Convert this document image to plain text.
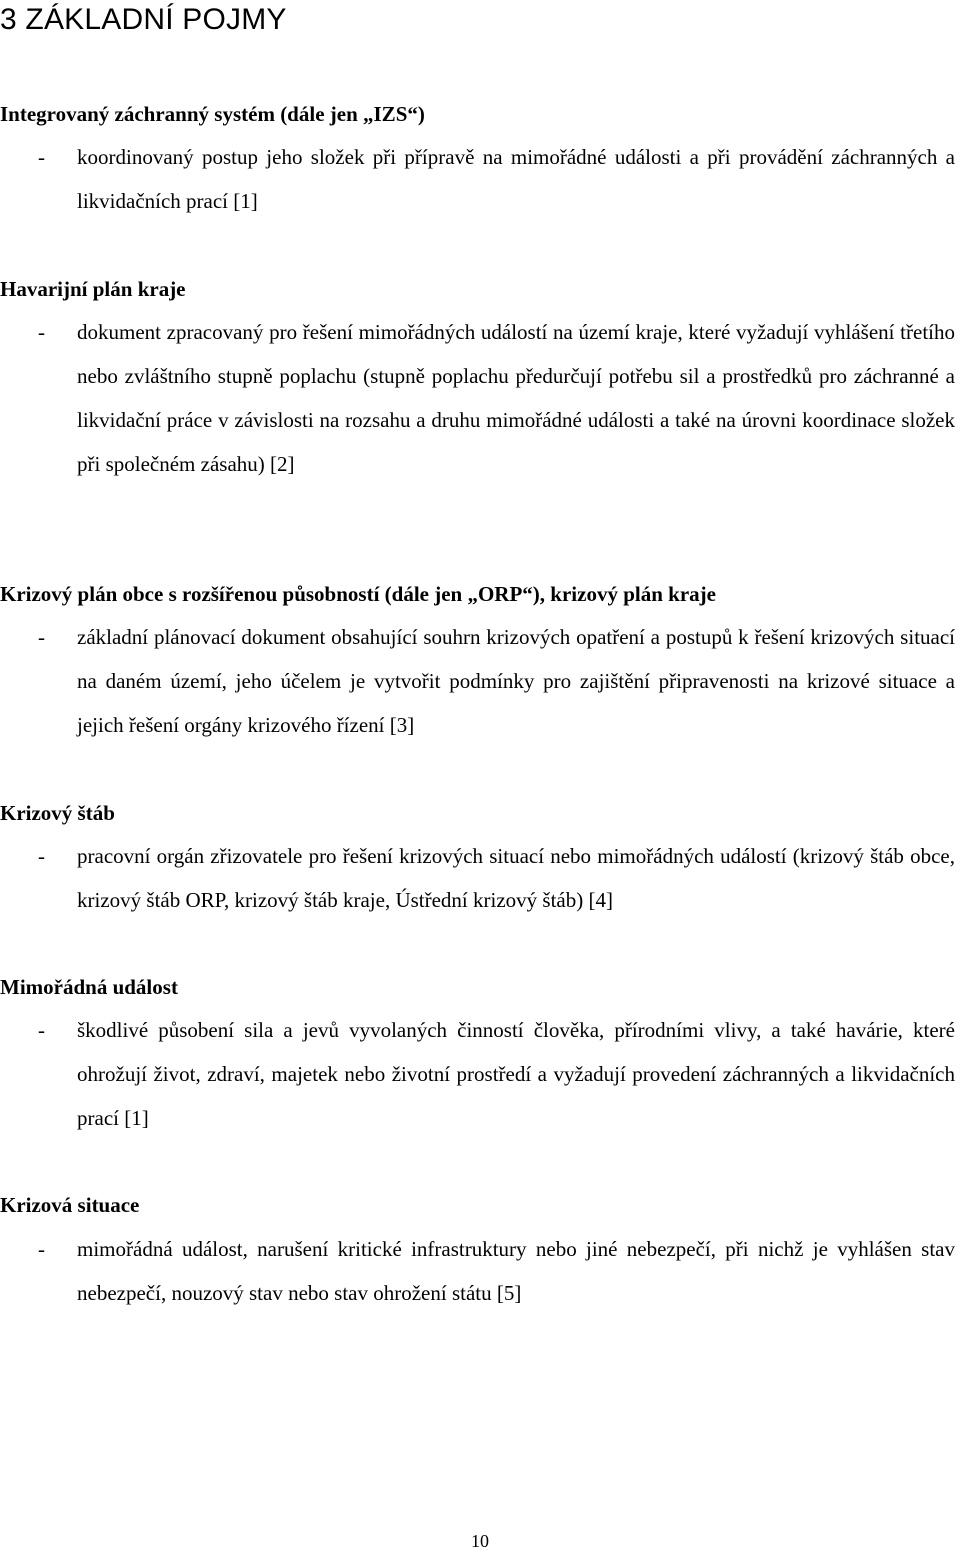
3 ZÁKLADNÍ POJMY
Integrovaný záchranný systém (dále jen „IZS“)
- koordinovaný postup jeho složek při přípravě na mimořádné události a při provádění záchranných a likvidačních prací [1]
Havarijní plán kraje
- dokument zpracovaný pro řešení mimořádných událostí na území kraje, které vyžadují vyhlášení třetího nebo zvláštního stupně poplachu (stupně poplachu předurčují potřebu sil a prostředků pro záchranné a likvidační práce v závislosti na rozsahu a druhu mimořádné události a také na úrovni koordinace složek při společném zásahu) [2]
Krizový plán obce s rozšířenou působností (dále jen „ORP“), krizový plán kraje
- základní plánovací dokument obsahující souhrn krizových opatření a postupů k řešení krizových situací na daném území, jeho účelem je vytvořit podmínky pro zajištění připravenosti na krizové situace a jejich řešení orgány krizového řízení [3]
Krizový štáb
- pracovní orgán zřizovatele pro řešení krizových situací nebo mimořádných událostí (krizový štáb obce, krizový štáb ORP, krizový štáb kraje, Ústřední krizový štáb) [4]
Mimořádná událost
- škodlivé působení sila a jevů vyvolaných činností člověka, přírodními vlivy, a také havárie, které ohrožují život, zdraví, majetek nebo životní prostředí a vyžadují provedení záchranných a likvidačních prací [1]
Krizová situace
- mimořádná událost, narušení kritické infrastruktury nebo jiné nebezpečí, při nichž je vyhlášen stav nebezpečí, nouzový stav nebo stav ohrožení státu [5]
10
